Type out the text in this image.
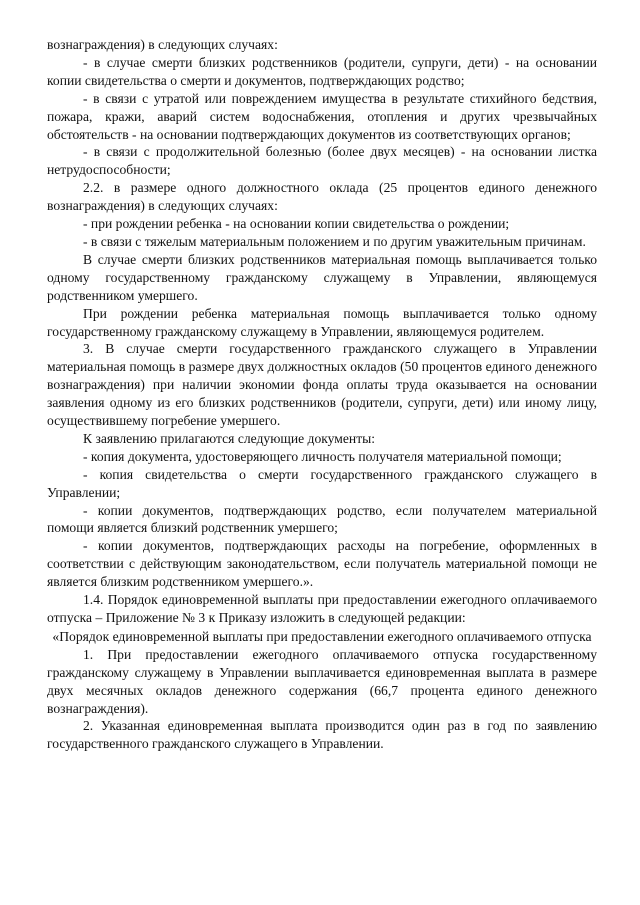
вознаграждения) в следующих случаях:

- в случае смерти близких родственников (родители, супруги, дети) - на основании копии свидетельства о смерти и документов, подтверждающих родство;

- в связи с утратой или повреждением имущества в результате стихийного бедствия, пожара, кражи, аварий систем водоснабжения, отопления и других чрезвычайных обстоятельств - на основании подтверждающих документов из соответствующих органов;

- в связи с продолжительной болезнью (более двух месяцев) - на основании листка нетрудоспособности;

2.2. в размере одного должностного оклада (25 процентов единого денежного вознаграждения) в следующих случаях:

- при рождении ребенка - на основании копии свидетельства о рождении;

- в связи с тяжелым материальным положением и по другим уважительным причинам.

В случае смерти близких родственников материальная помощь выплачивается только одному государственному гражданскому служащему в Управлении, являющемуся родственником умершего.

При рождении ребенка материальная помощь выплачивается только одному государственному гражданскому служащему в Управлении, являющемуся родителем.

3. В случае смерти государственного гражданского служащего в Управлении материальная помощь в размере двух должностных окладов (50 процентов единого денежного вознаграждения) при наличии экономии фонда оплаты труда оказывается на основании заявления одному из его близких родственников (родители, супруги, дети) или иному лицу, осуществившему погребение умершего.

К заявлению прилагаются следующие документы:

- копия документа, удостоверяющего личность получателя материальной помощи;

- копия свидетельства о смерти государственного гражданского служащего в Управлении;

- копии документов, подтверждающих родство, если получателем материальной помощи является близкий родственник умершего;

- копии документов, подтверждающих расходы на погребение, оформленных в соответствии с действующим законодательством, если получатель материальной помощи не является близким родственником умершего.».

1.4. Порядок единовременной выплаты при предоставлении ежегодного оплачиваемого отпуска – Приложение № 3 к Приказу изложить в следующей редакции:

«Порядок единовременной выплаты при предоставлении ежегодного оплачиваемого отпуска

1. При предоставлении ежегодного оплачиваемого отпуска государственному гражданскому служащему в Управлении выплачивается единовременная выплата в размере двух месячных окладов денежного содержания (66,7 процента единого денежного вознаграждения).

2. Указанная единовременная выплата производится один раз в год по заявлению государственного гражданского служащего в Управлении.
